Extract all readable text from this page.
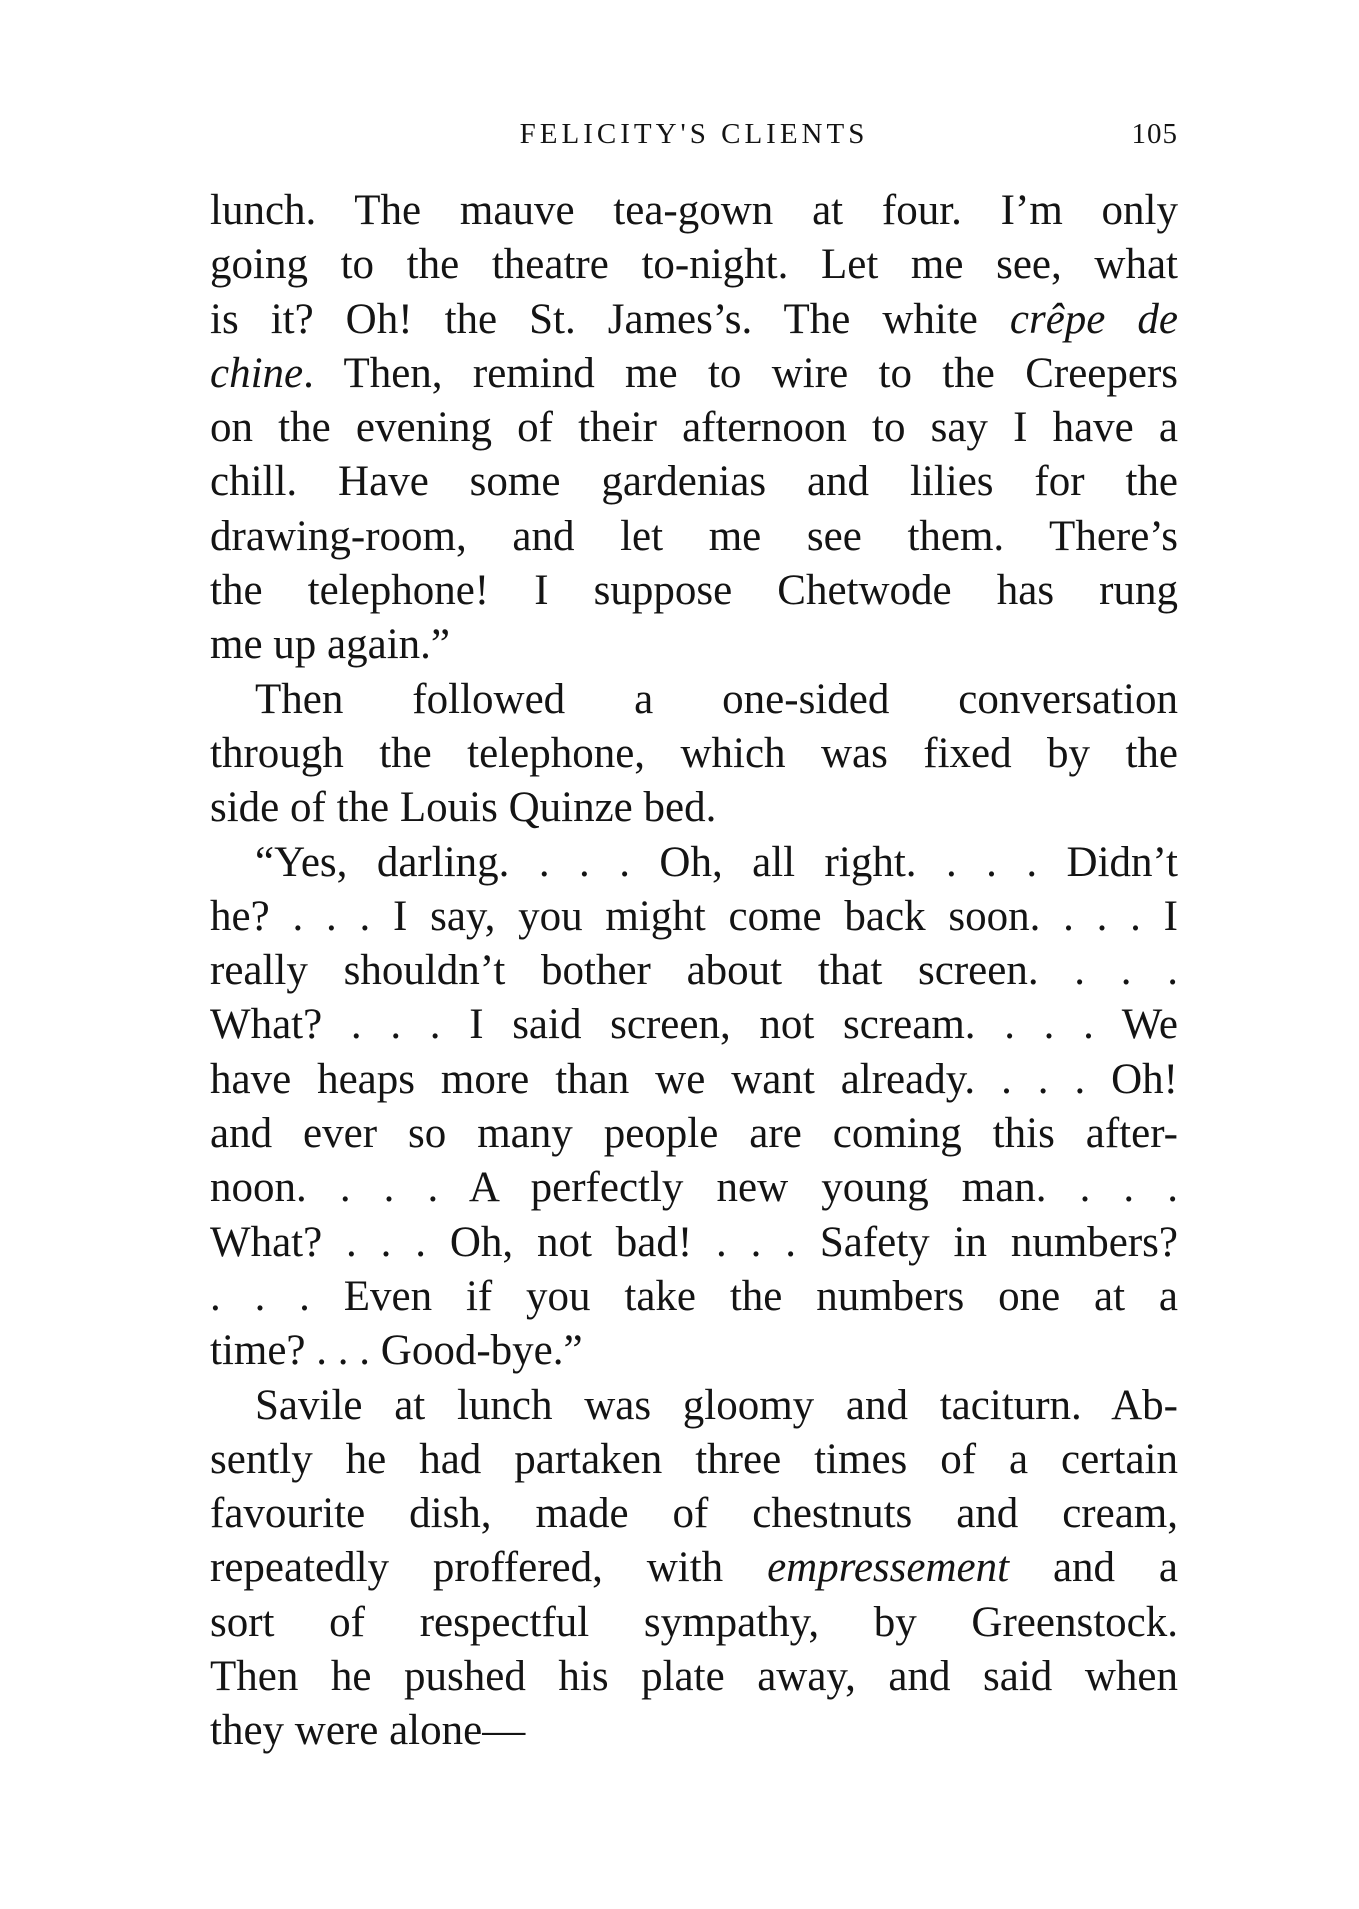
FELICITY'S CLIENTS	105

lunch. The mauve tea-gown at four. I’m only
going to the theatre to-night. Let me see, what
is it? Oh! the St. James’s. The white crêpe de
chine. Then, remind me to wire to the Creepers
on the evening of their afternoon to say I have a
chill. Have some gardenias and lilies for the
drawing-room, and let me see them. There’s
the telephone! I suppose Chetwode has rung
me up again.”

Then followed a one-sided conversation
through the telephone, which was fixed by the
side of the Louis Quinze bed.

“Yes, darling. . . . Oh, all right. . . . Didn’t
he? . . . I say, you might come back soon. . . . I
really shouldn’t bother about that screen. . . .
What? . . . I said screen, not scream. . . . We
have heaps more than we want already. . . . Oh!
and ever so many people are coming this after-
noon. . . . A perfectly new young man. . . .
What? . . . Oh, not bad! . . . Safety in numbers?
. . . Even if you take the numbers one at a
time? . . . Good-bye.”

Savile at lunch was gloomy and taciturn. Ab-
sently he had partaken three times of a certain
favourite dish, made of chestnuts and cream,
repeatedly proffered, with empressement and a
sort of respectful sympathy, by Greenstock.
Then he pushed his plate away, and said when
they were alone—
